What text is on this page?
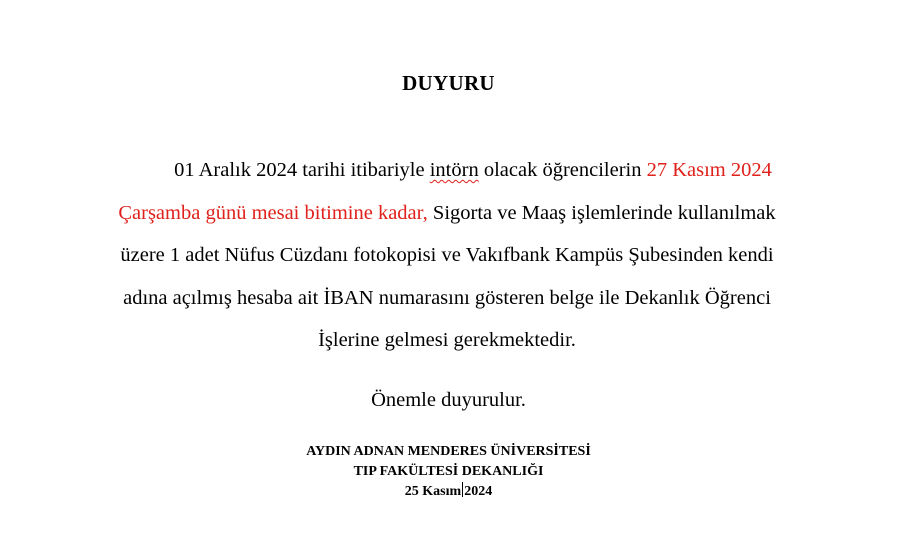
DUYURU
01 Aralık 2024 tarihi itibariyle intörn olacak öğrencilerin 27 Kasım 2024
Çarşamba günü mesai bitimine kadar, Sigorta ve Maaş işlemlerinde kullanılmak
üzere 1 adet Nüfus Cüzdanı fotokopisi ve Vakıfbank Kampüs Şubesinden kendi
adına açılmış hesaba ait İBAN numarasını gösteren belge ile Dekanlık Öğrenci
İşlerine gelmesi gerekmektedir.
Önemle duyurulur.
AYDIN ADNAN MENDERES ÜNİVERSİTESİ
TIP FAKÜLTESİ DEKANLIĞI
25 Kasım 2024
